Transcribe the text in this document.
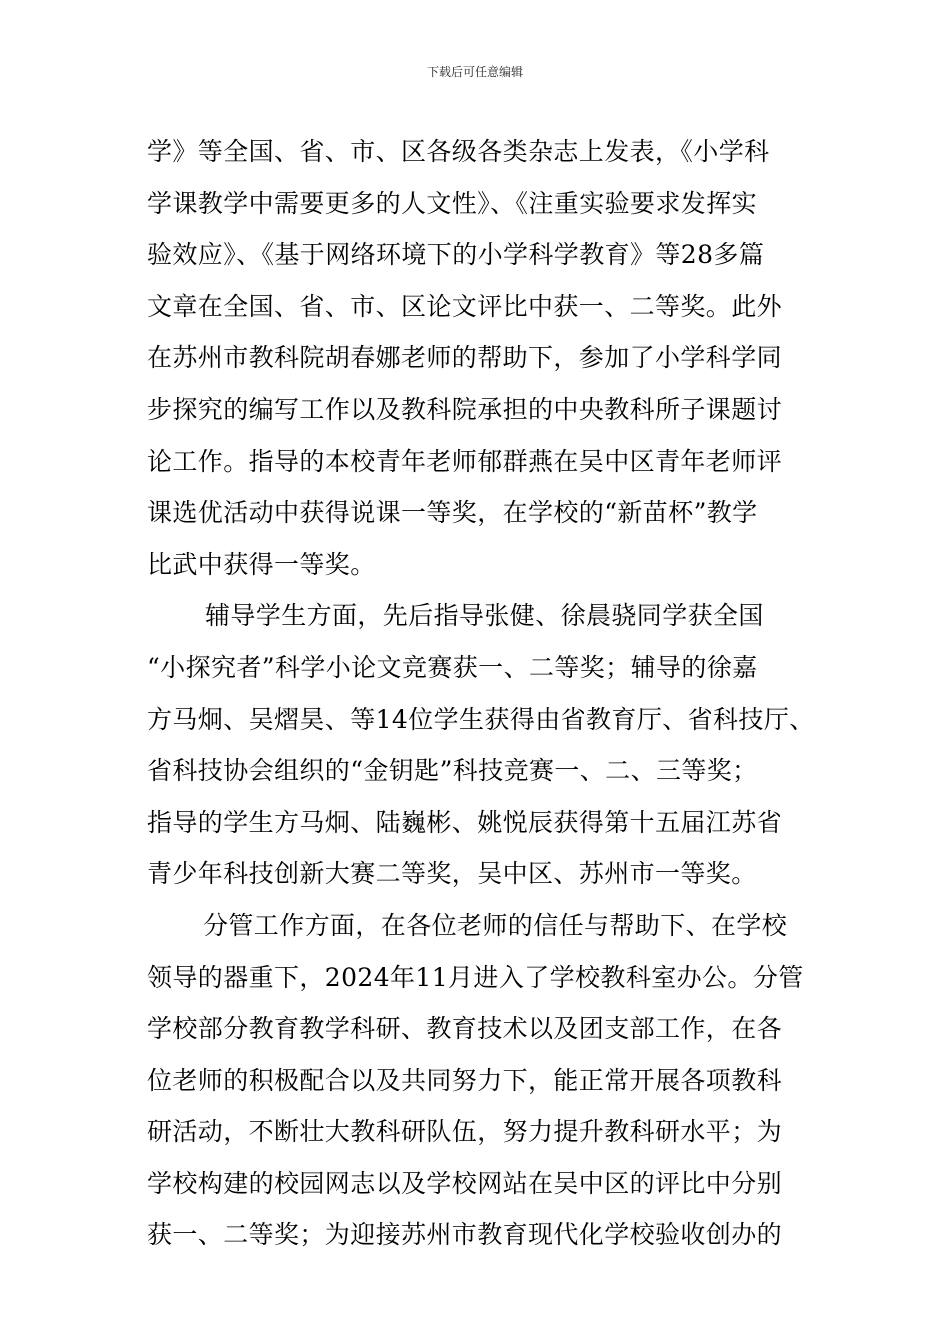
下载后可任意编辑
学》等全国、省、市、区各级各类杂志上发表，《小学科
学课教学中需要更多的人文性》、《注重实验要求发挥实
验效应》、《基于网络环境下的小学科学教育》等28多篇
文章在全国、省、市、区论文评比中获一、二等奖。此外
在苏州市教科院胡春娜老师的帮助下，参加了小学科学同
步探究的编写工作以及教科院承担的中央教科所子课题讨
论工作。指导的本校青年老师郁群燕在吴中区青年老师评
课选优活动中获得说课一等奖，在学校的“新苗杯”教学
比武中获得一等奖。
辅导学生方面，先后指导张健、徐晨骁同学获全国
“小探究者”科学小论文竞赛获一、二等奖；辅导的徐嘉
方马炯、吴熠昊、等14位学生获得由省教育厅、省科技厅、
省科技协会组织的“金钥匙”科技竞赛一、二、三等奖；
指导的学生方马炯、陆巍彬、姚悦辰获得第十五届江苏省
青少年科技创新大赛二等奖，吴中区、苏州市一等奖。
分管工作方面，在各位老师的信任与帮助下、在学校
领导的器重下，2024年11月进入了学校教科室办公。分管
学校部分教育教学科研、教育技术以及团支部工作，在各
位老师的积极配合以及共同努力下，能正常开展各项教科
研活动，不断壮大教科研队伍，努力提升教科研水平；为
学校构建的校园网志以及学校网站在吴中区的评比中分别
获一、二等奖；为迎接苏州市教育现代化学校验收创办的
